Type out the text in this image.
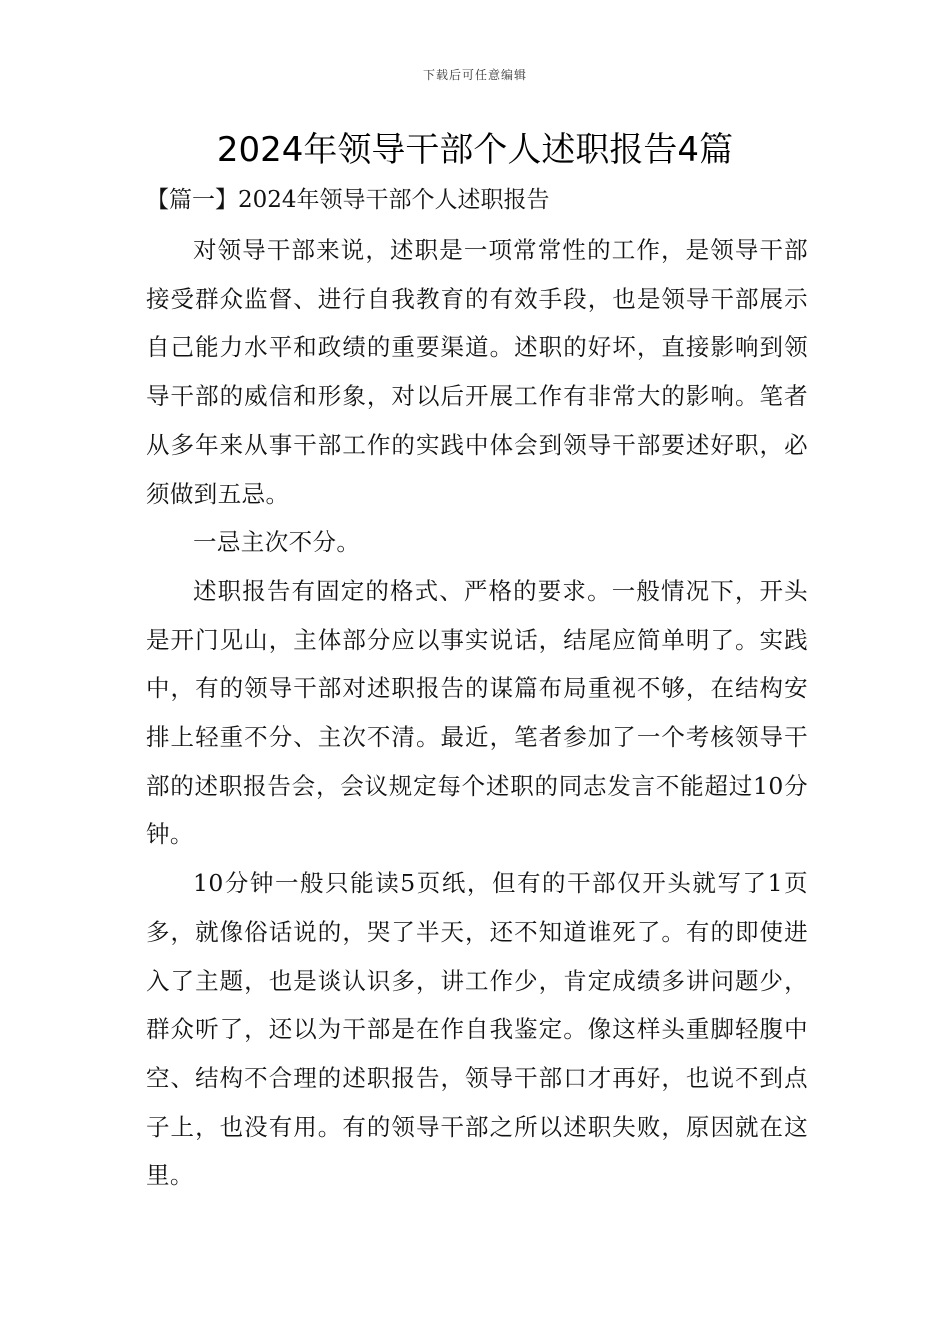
下载后可任意编辑
2024年领导干部个人述职报告4篇
【篇一】2024年领导干部个人述职报告

对领导干部来说，述职是一项常常性的工作，是领导干部接受群众监督、进行自我教育的有效手段，也是领导干部展示自己能力水平和政绩的重要渠道。述职的好坏，直接影响到领导干部的威信和形象，对以后开展工作有非常大的影响。笔者从多年来从事干部工作的实践中体会到领导干部要述好职，必须做到五忌。

一忌主次不分。

述职报告有固定的格式、严格的要求。一般情况下，开头是开门见山，主体部分应以事实说话，结尾应简单明了。实践中，有的领导干部对述职报告的谋篇布局重视不够，在结构安排上轻重不分、主次不清。最近，笔者参加了一个考核领导干部的述职报告会，会议规定每个述职的同志发言不能超过10分钟。

10分钟一般只能读5页纸，但有的干部仅开头就写了1页多，就像俗话说的，哭了半天，还不知道谁死了。有的即使进入了主题，也是谈认识多，讲工作少，肯定成绩多讲问题少，群众听了，还以为干部是在作自我鉴定。像这样头重脚轻腹中空、结构不合理的述职报告，领导干部口才再好，也说不到点子上，也没有用。有的领导干部之所以述职失败，原因就在这里。
